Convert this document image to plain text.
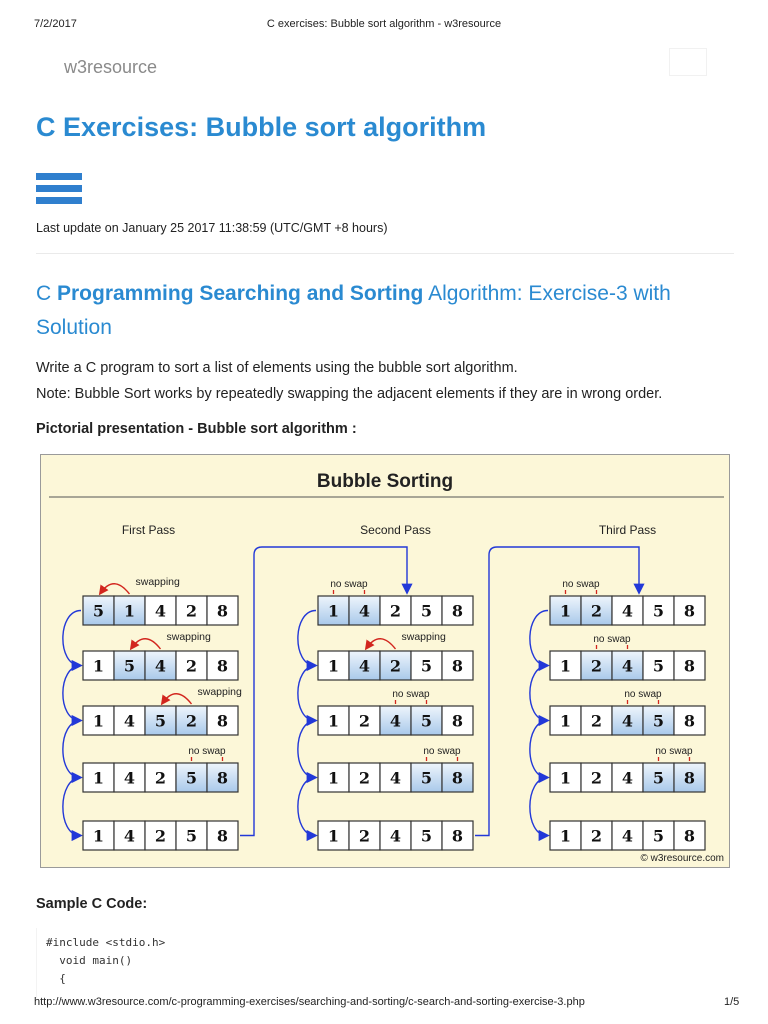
7/2/2017	C exercises: Bubble sort algorithm - w3resource
w3resource
C Exercises: Bubble sort algorithm
Last update on January 25 2017 11:38:59 (UTC/GMT +8 hours)
C Programming Searching and Sorting Algorithm: Exercise-3 with Solution
Write a C program to sort a list of elements using the bubble sort algorithm.
Note: Bubble Sort works by repeatedly swapping the adjacent elements if they are in wrong order.
Pictorial presentation - Bubble sort algorithm :
Bubble Sorting
First Pass
5 1 4 2 8
swapping
1 5 4 2 8
swapping
1 4 5 2 8
swapping
1 4 2 5 8
no swap
1 4 2 5 8
Second Pass
1 4 2 5 8
no swap
1 4 2 5 8
swapping
1 2 4 5 8
no swap
1 2 4 5 8
no swap
1 2 4 5 8
Third Pass
1 2 4 5 8
no swap
1 2 4 5 8
no swap
1 2 4 5 8
no swap
1 2 4 5 8
no swap
1 2 4 5 8
© w3resource.com
Sample C Code:
#include <stdio.h>
void main()
{
http://www.w3resource.com/c-programming-exercises/searching-and-sorting/c-search-and-sorting-exercise-3.php	1/5
